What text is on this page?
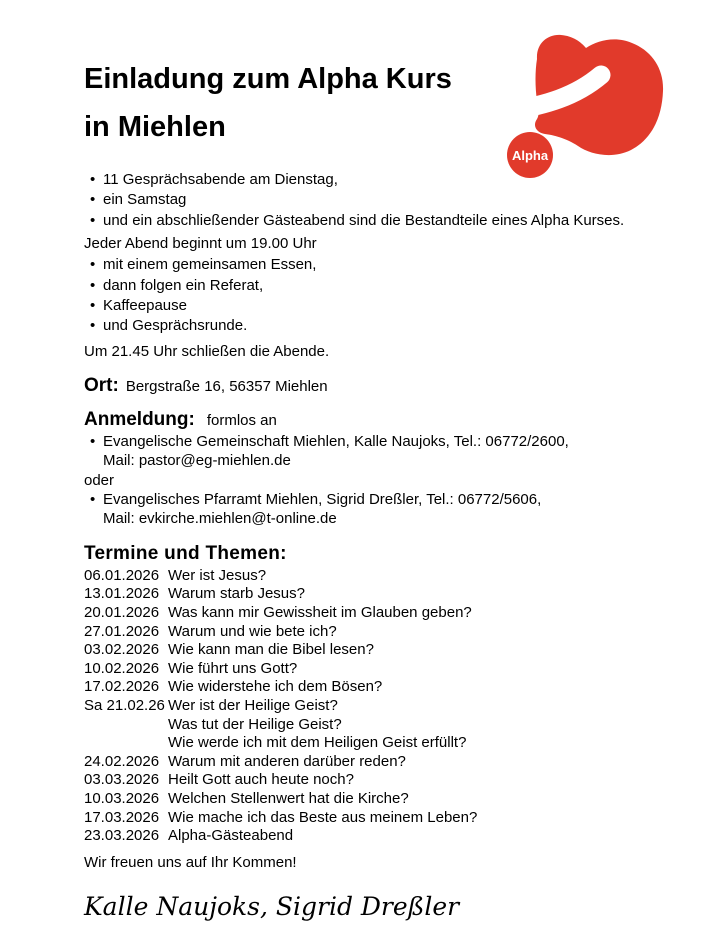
Alpha
Einladung zum Alpha Kurs
in Miehlen
•
11 Gesprächsabende am Dienstag,
•
ein Samstag
•
und ein abschließender Gästeabend sind die Bestandteile eines Alpha Kurses.

Jeder Abend beginnt um 19.00 Uhr

•
mit einem gemeinsamen Essen,
•
dann folgen ein Referat,
•
Kaffeepause
•
und Gesprächsrunde.

Um 21.45 Uhr schließen die Abende.

Ort: Bergstraße 16, 56357 Miehlen

Anmeldung: formlos an

•
Evangelische Gemeinschaft Miehlen, Kalle Naujoks, Tel.: 06772/2600,
Mail: pastor@eg-miehlen.de
oder
•
Evangelisches Pfarramt Miehlen, Sigrid Dreßler, Tel.: 06772/5606,
Mail: evkirche.miehlen@t-online.de
Termine und Themen:
06.01.2026 Wer ist Jesus?
13.01.2026 Warum starb Jesus?
20.01.2026 Was kann mir Gewissheit im Glauben geben?
27.01.2026 Warum und wie bete ich?
03.02.2026 Wie kann man die Bibel lesen?
10.02.2026 Wie führt uns Gott?
17.02.2026 Wie widerstehe ich dem Bösen?
Sa 21.02.26 Wer ist der Heilige Geist?
Was tut der Heilige Geist?
Wie werde ich mit dem Heiligen Geist erfüllt?
24.02.2026 Warum mit anderen darüber reden?
03.03.2026 Heilt Gott auch heute noch?
10.03.2026 Welchen Stellenwert hat die Kirche?
17.03.2026 Wie mache ich das Beste aus meinem Leben?
23.03.2026 Alpha-Gästeabend

Wir freuen uns auf Ihr Kommen!

Kalle Naujoks, Sigrid Dreßler
